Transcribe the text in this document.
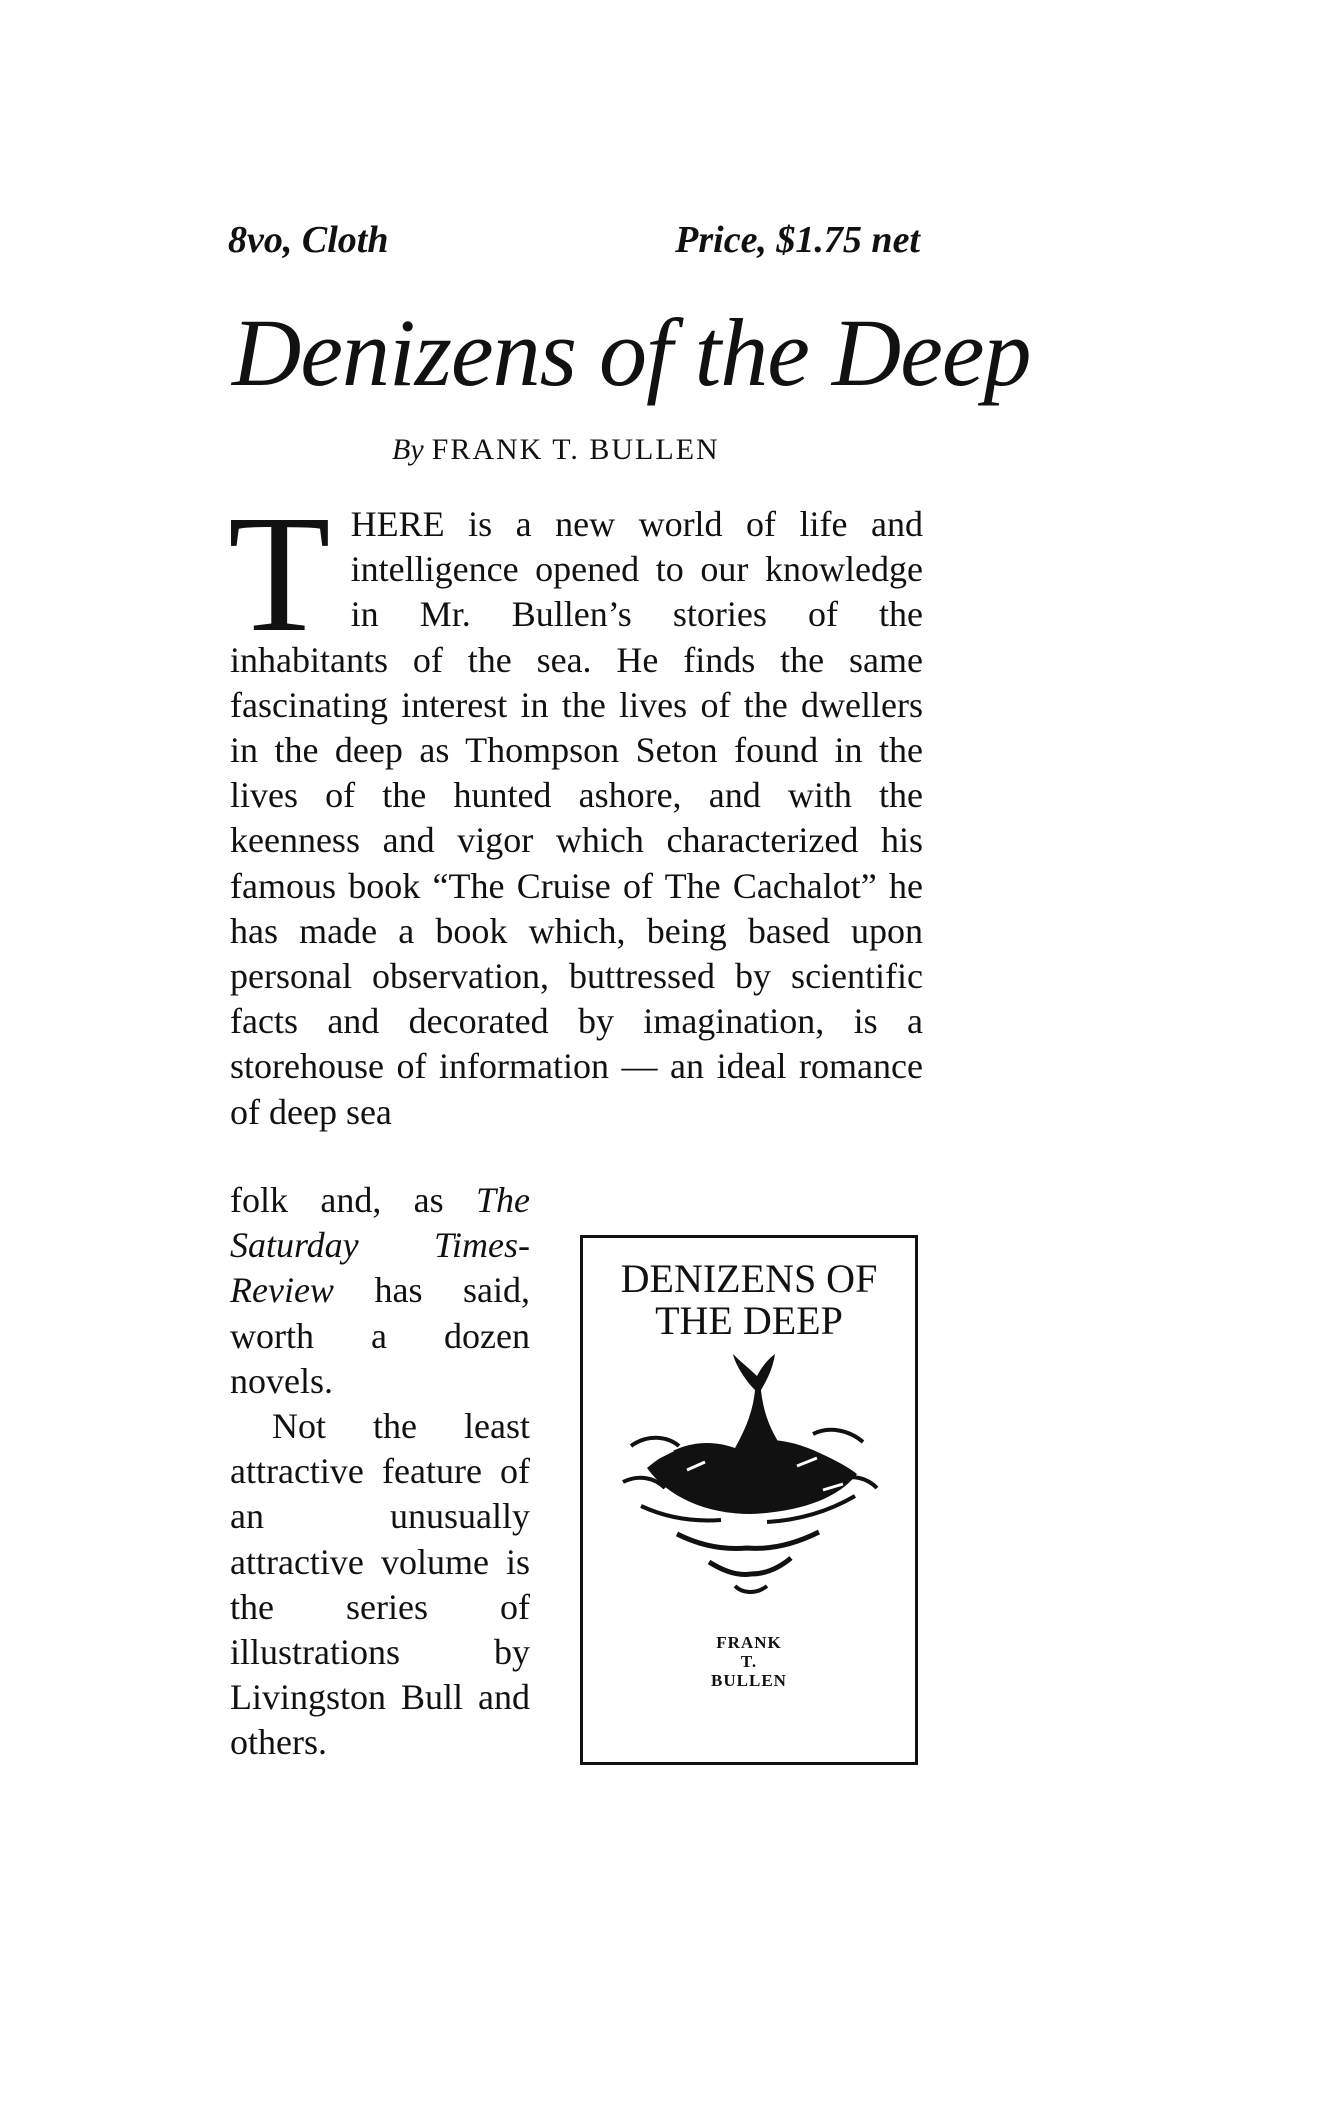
8vo, Cloth	Price, $1.75 net
Denizens of the Deep
By FRANK T. BULLEN
THERE is a new world of life and intelligence opened to our knowledge in Mr. Bullen’s stories of the inhabitants of the sea. He finds the same fascinating interest in the lives of the dwellers in the deep as Thompson Seton found in the lives of the hunted ashore, and with the keenness and vigor which characterized his famous book “The Cruise of The Cachalot” he has made a book which, being based upon personal observation, buttressed by scientific facts and decorated by imagination, is a storehouse of information — an ideal romance of deep sea

folk and, as The Saturday Times-Review has said, worth a dozen novels.

Not the least attractive feature of an unusually attractive volume is the series of illustrations by Livingston Bull and others.

DENIZENS OF
THE DEEP
FRANK
T.
BULLEN
